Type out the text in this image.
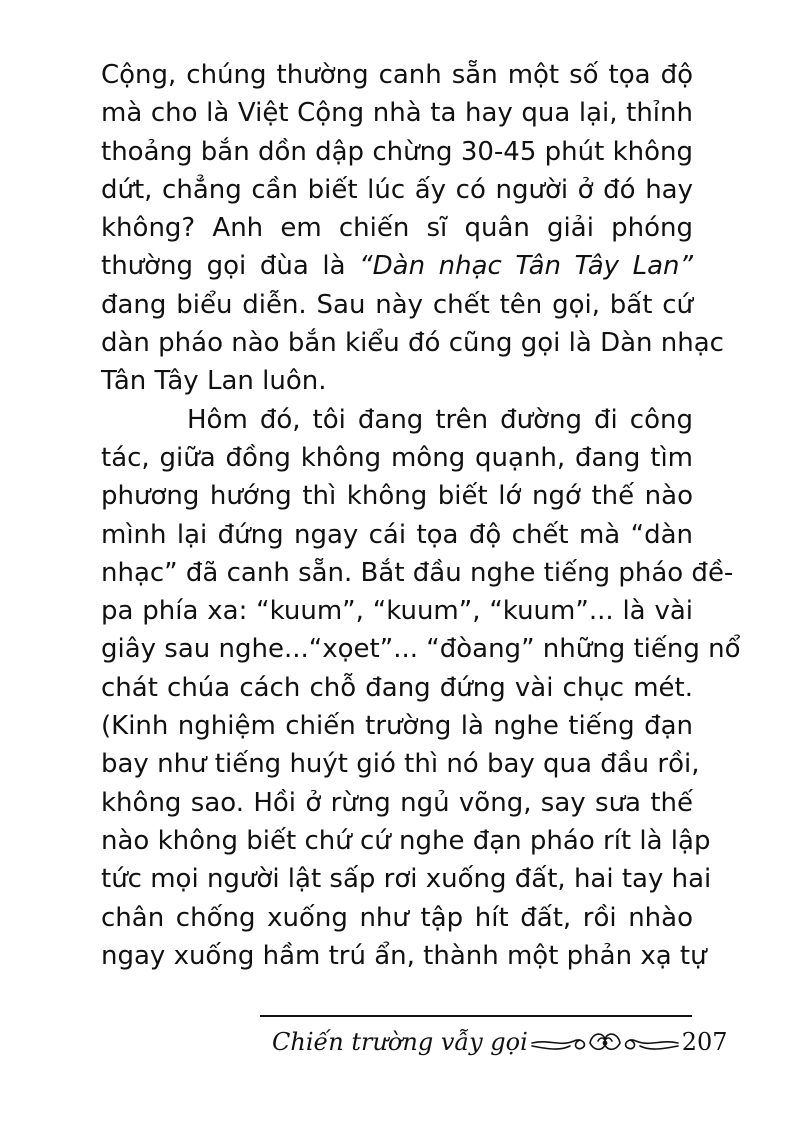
Cộng, chúng thường canh sẵn một số tọa độ
mà cho là Việt Cộng nhà ta hay qua lại, thỉnh
thoảng bắn dồn dập chừng 30-45 phút không
dứt, chẳng cần biết lúc ấy có người ở đó hay
không? Anh em chiến sĩ quân giải phóng
thường gọi đùa là “Dàn nhạc Tân Tây Lan”
đang biểu diễn. Sau này chết tên gọi, bất cứ
dàn pháo nào bắn kiểu đó cũng gọi là Dàn nhạc
Tân Tây Lan luôn.
Hôm đó, tôi đang trên đường đi công
tác, giữa đồng không mông quạnh, đang tìm
phương hướng thì không biết lớ ngớ thế nào
mình lại đứng ngay cái tọa độ chết mà “dàn
nhạc” đã canh sẵn. Bắt đầu nghe tiếng pháo đề-
pa phía xa: “kuum”, “kuum”, “kuum”... là vài
giây sau nghe...“xọet”... “đòang” những tiếng nổ
chát chúa cách chỗ đang đứng vài chục mét.
(Kinh nghiệm chiến trường là nghe tiếng đạn
bay như tiếng huýt gió thì nó bay qua đầu rồi,
không sao. Hồi ở rừng ngủ võng, say sưa thế
nào không biết chứ cứ nghe đạn pháo rít là lập
tức mọi người lật sấp rơi xuống đất, hai tay hai
chân chống xuống như tập hít đất, rồi nhào
ngay xuống hầm trú ẩn, thành một phản xạ tự
Chiến trường vẫy gọi	207
